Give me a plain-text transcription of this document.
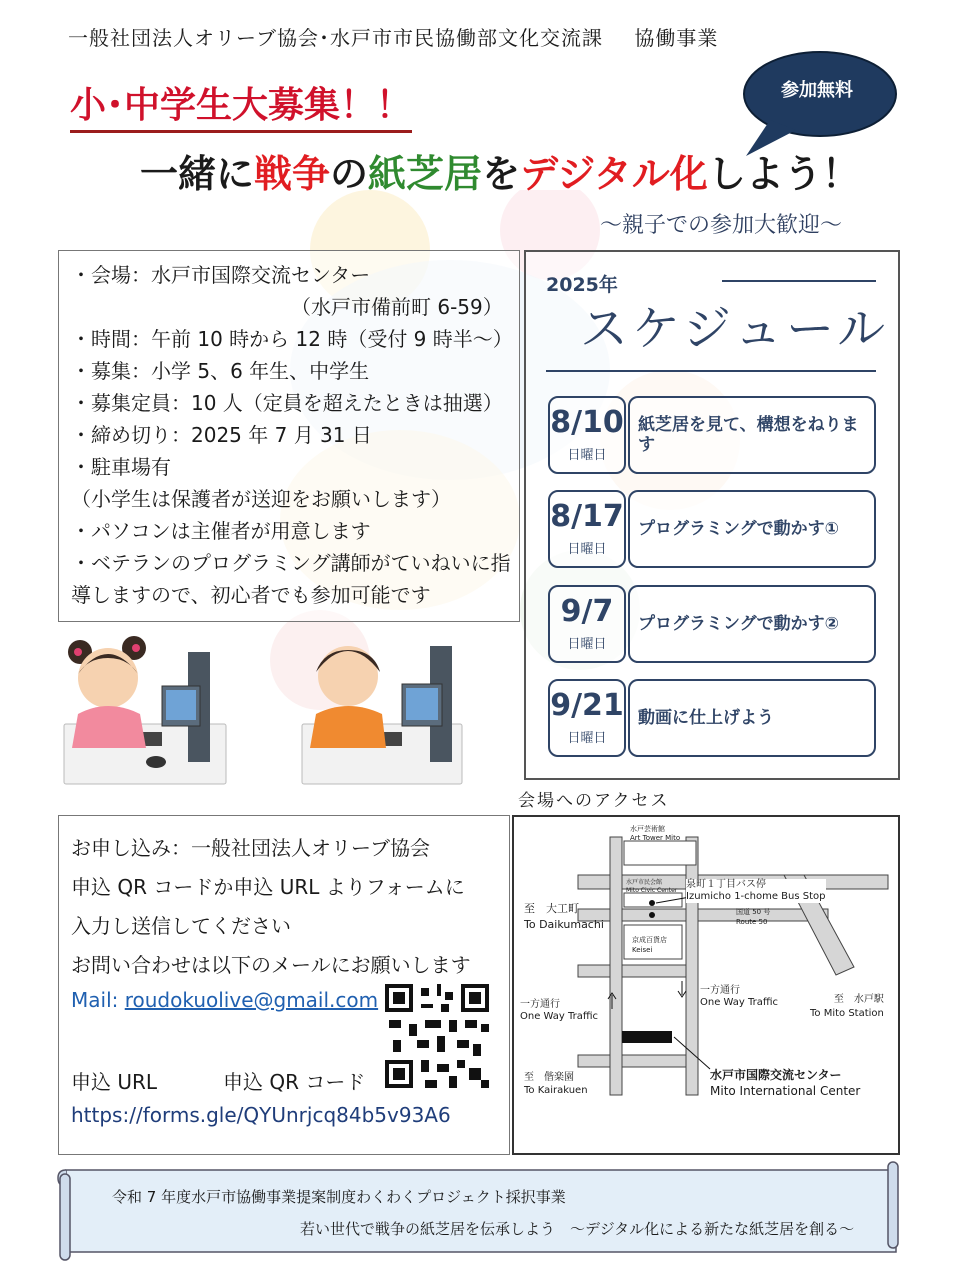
一般社団法人オリーブ協会･水戸市市民協働部文化交流課 協働事業
小･中学生大募集！！
一緒に戦争の紙芝居をデジタル化しよう！
参加無料
～親子での参加大歓迎～
・会場：水戸市国際交流センター
（水戸市備前町 6-59）
・時間：午前 10 時から 12 時（受付 9 時半～）
・募集：小学 5、6 年生、中学生
・募集定員：10 人（定員を超えたときは抽選）
・締め切り：2025 年 7 月 31 日
・駐車場有
（小学生は保護者が送迎をお願いします）
・パソコンは主催者が用意します
・ベテランのプログラミング講師がていねいに指
導しますので、初心者でも参加可能です
2025年
スケジュール
8/10
日曜日
紙芝居を見て、構想をねります
8/17
日曜日
プログラミングで動かす①
9/7
日曜日
プログラミングで動かす②
9/21
日曜日
動画に仕上げよう
会場へのアクセス
お申し込み：一般社団法人オリーブ協会
申込 QR コードか申込 URL よりフォームに
入力し送信してください
お問い合わせは以下のメールにお願いします
Mail: roudokuolive@gmail.com
申込 URL	申込 QR コード
https://forms.gle/QYUnrjcq84b5v93A6
水戸芸術館
Art Tower Mito
水戸市民会館
Mito Civic Center
泉町１丁目バス停
Izumicho 1-chome Bus Stop
国道 50 号
Route 50
至　大工町
To Daikumachi
京成百貨店
Keisei
一方通行
One Way Traffic
一方通行
One Way Traffic	至　水戸駅
To Mito Station
至　偕楽園
To Kairakuen
水戸市国際交流センター
Mito International Center
令和 7 年度水戸市協働事業提案制度わくわくプロジェクト採択事業
若い世代で戦争の紙芝居を伝承しよう　～デジタル化による新たな紙芝居を創る～
